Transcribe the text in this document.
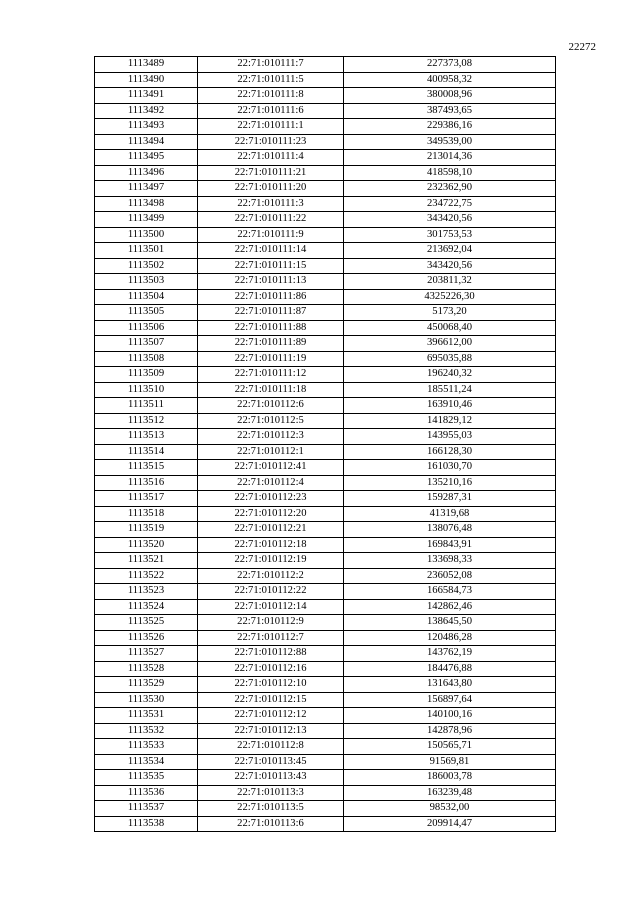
22272
1113489	22:71:010111:7	227373,08
1113490	22:71:010111:5	400958,32
1113491	22:71:010111:8	380008,96
1113492	22:71:010111:6	387493,65
1113493	22:71:010111:1	229386,16
1113494	22:71:010111:23	349539,00
1113495	22:71:010111:4	213014,36
1113496	22:71:010111:21	418598,10
1113497	22:71:010111:20	232362,90
1113498	22:71:010111:3	234722,75
1113499	22:71:010111:22	343420,56
1113500	22:71:010111:9	301753,53
1113501	22:71:010111:14	213692,04
1113502	22:71:010111:15	343420,56
1113503	22:71:010111:13	203811,32
1113504	22:71:010111:86	4325226,30
1113505	22:71:010111:87	5173,20
1113506	22:71:010111:88	450068,40
1113507	22:71:010111:89	396612,00
1113508	22:71:010111:19	695035,88
1113509	22:71:010111:12	196240,32
1113510	22:71:010111:18	185511,24
1113511	22:71:010112:6	163910,46
1113512	22:71:010112:5	141829,12
1113513	22:71:010112:3	143955,03
1113514	22:71:010112:1	166128,30
1113515	22:71:010112:41	161030,70
1113516	22:71:010112:4	135210,16
1113517	22:71:010112:23	159287,31
1113518	22:71:010112:20	41319,68
1113519	22:71:010112:21	138076,48
1113520	22:71:010112:18	169843,91
1113521	22:71:010112:19	133698,33
1113522	22:71:010112:2	236052,08
1113523	22:71:010112:22	166584,73
1113524	22:71:010112:14	142862,46
1113525	22:71:010112:9	138645,50
1113526	22:71:010112:7	120486,28
1113527	22:71:010112:88	143762,19
1113528	22:71:010112:16	184476,88
1113529	22:71:010112:10	131643,80
1113530	22:71:010112:15	156897,64
1113531	22:71:010112:12	140100,16
1113532	22:71:010112:13	142878,96
1113533	22:71:010112:8	150565,71
1113534	22:71:010113:45	91569,81
1113535	22:71:010113:43	186003,78
1113536	22:71:010113:3	163239,48
1113537	22:71:010113:5	98532,00
1113538	22:71:010113:6	209914,47
